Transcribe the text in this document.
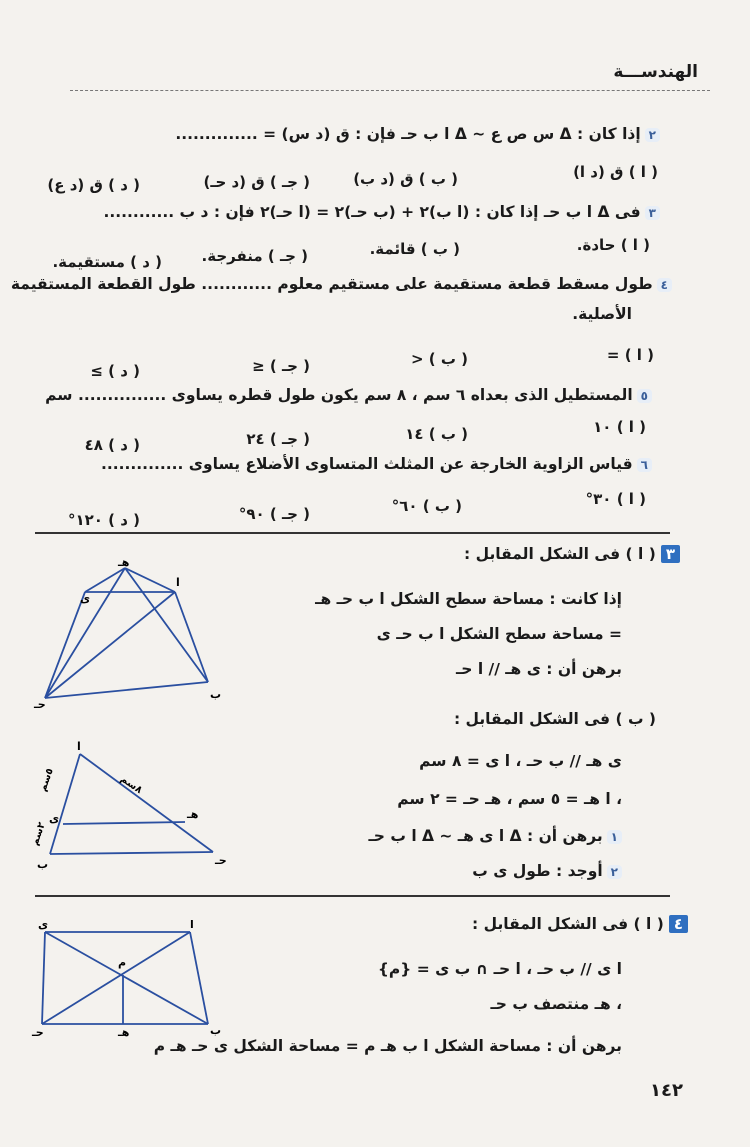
الهندســـة
٢إذا كان : Δ س ص ع ~ Δ ا ب حـ فإن : ق (د س) = ..............
( ا ) ق (د ا)
( ب ) ق (د ب)
( جـ ) ق (د حـ)
( د ) ق (د ع)
٣فى Δ ا ب حـ إذا كان : (ا ب)٢ + (ب حـ)٢ = (ا حـ)٢ فإن : د ب ............
( ا ) حادة.
( ب ) قائمة.
( جـ ) منفرجة.
( د ) مستقيمة.
٤طول مسقط قطعة مستقيمة على مستقيم معلوم ............ طول القطعة المستقيمة
الأصلية.
( ا ) =
( ب ) <
( جـ ) ≤
( د ) ≥
٥المستطيل الذى بعداه ٦ سم ، ٨ سم يكون طول قطره يساوى ............... سم
( ا ) ١٠
( ب ) ١٤
( جـ ) ٢٤
( د ) ٤٨
٦قياس الزاوية الخارجة عن المثلث المتساوى الأضلاع يساوى ..............
( ا ) ٣٠°
( ب ) ٦٠°
( جـ ) ٩٠°
( د ) ١٢٠°
٣( ا ) فى الشكل المقابل :
إذا كانت : مساحة سطح الشكل ا ب حـ هـ
= مساحة سطح الشكل ا ب حـ ى
برهن أن : ى هـ // ا حـ
هـ
ا
ى
ب
حـ
( ب ) فى الشكل المقابل :
ى هـ // ب حـ ، ا ى = ٨ سم
، ا هـ = ٥ سم ، هـ حـ = ٢ سم
١برهن أن : Δ ا ى هـ ~ Δ ا ب حـ
٢أوجد : طول ى ب
ا
ى
ب
هـ
حـ
٨سم
٥سم
٢سم
٤( ا ) فى الشكل المقابل :
ا ى // ب حـ ، ا حـ ∩ ب ى = {م}
، هـ منتصف ب حـ
برهن أن : مساحة الشكل ا ب هـ م = مساحة الشكل ى حـ هـ م
ا
ى
م
ب
هـ
حـ
١٤٢
